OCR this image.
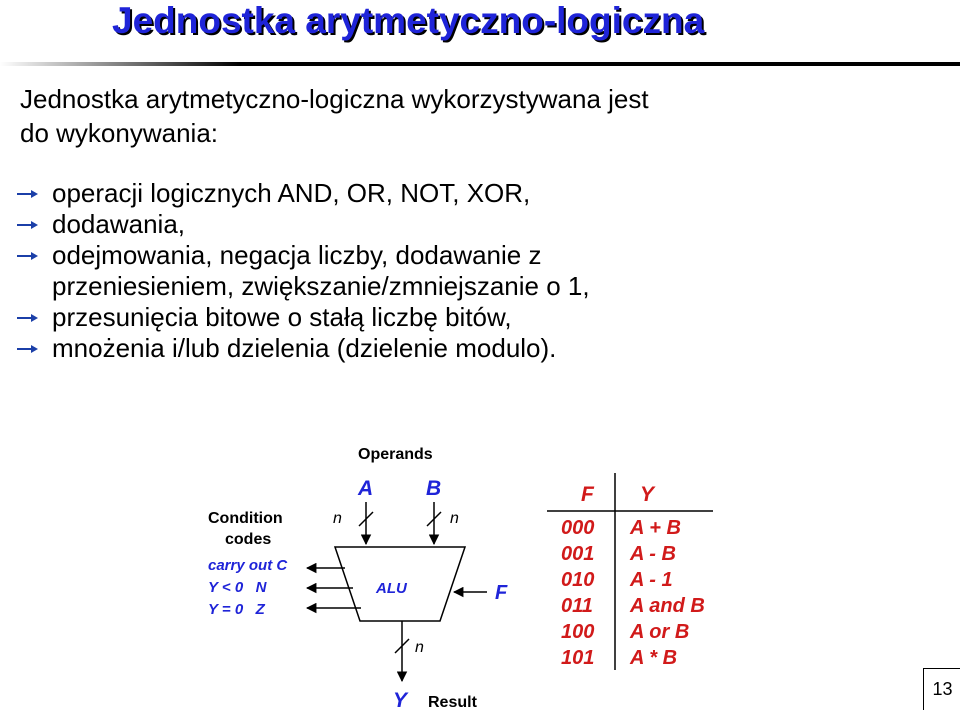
Jednostka arytmetyczno-logiczna
Jednostka arytmetyczno-logiczna wykorzystywana jest
do wykonywania:
operacji logicznych AND, OR, NOT, XOR,
dodawania,
odejmowania, negacja liczby, dodawanie z
przeniesieniem, zwiększanie/zmniejszanie o 1,
przesunięcia bitowe o stałą liczbę bitów,
mnożenia i/lub dzielenia (dzielenie modulo).
Operands
A	B
n	n
ALU	F
Condition
codes
carry out C
Y < 0   N
Y = 0   Z
n
Y Result
F Y
000 A + B
001 A - B
010 A - 1
011 A and B
100 A or B
101 A * B
13
